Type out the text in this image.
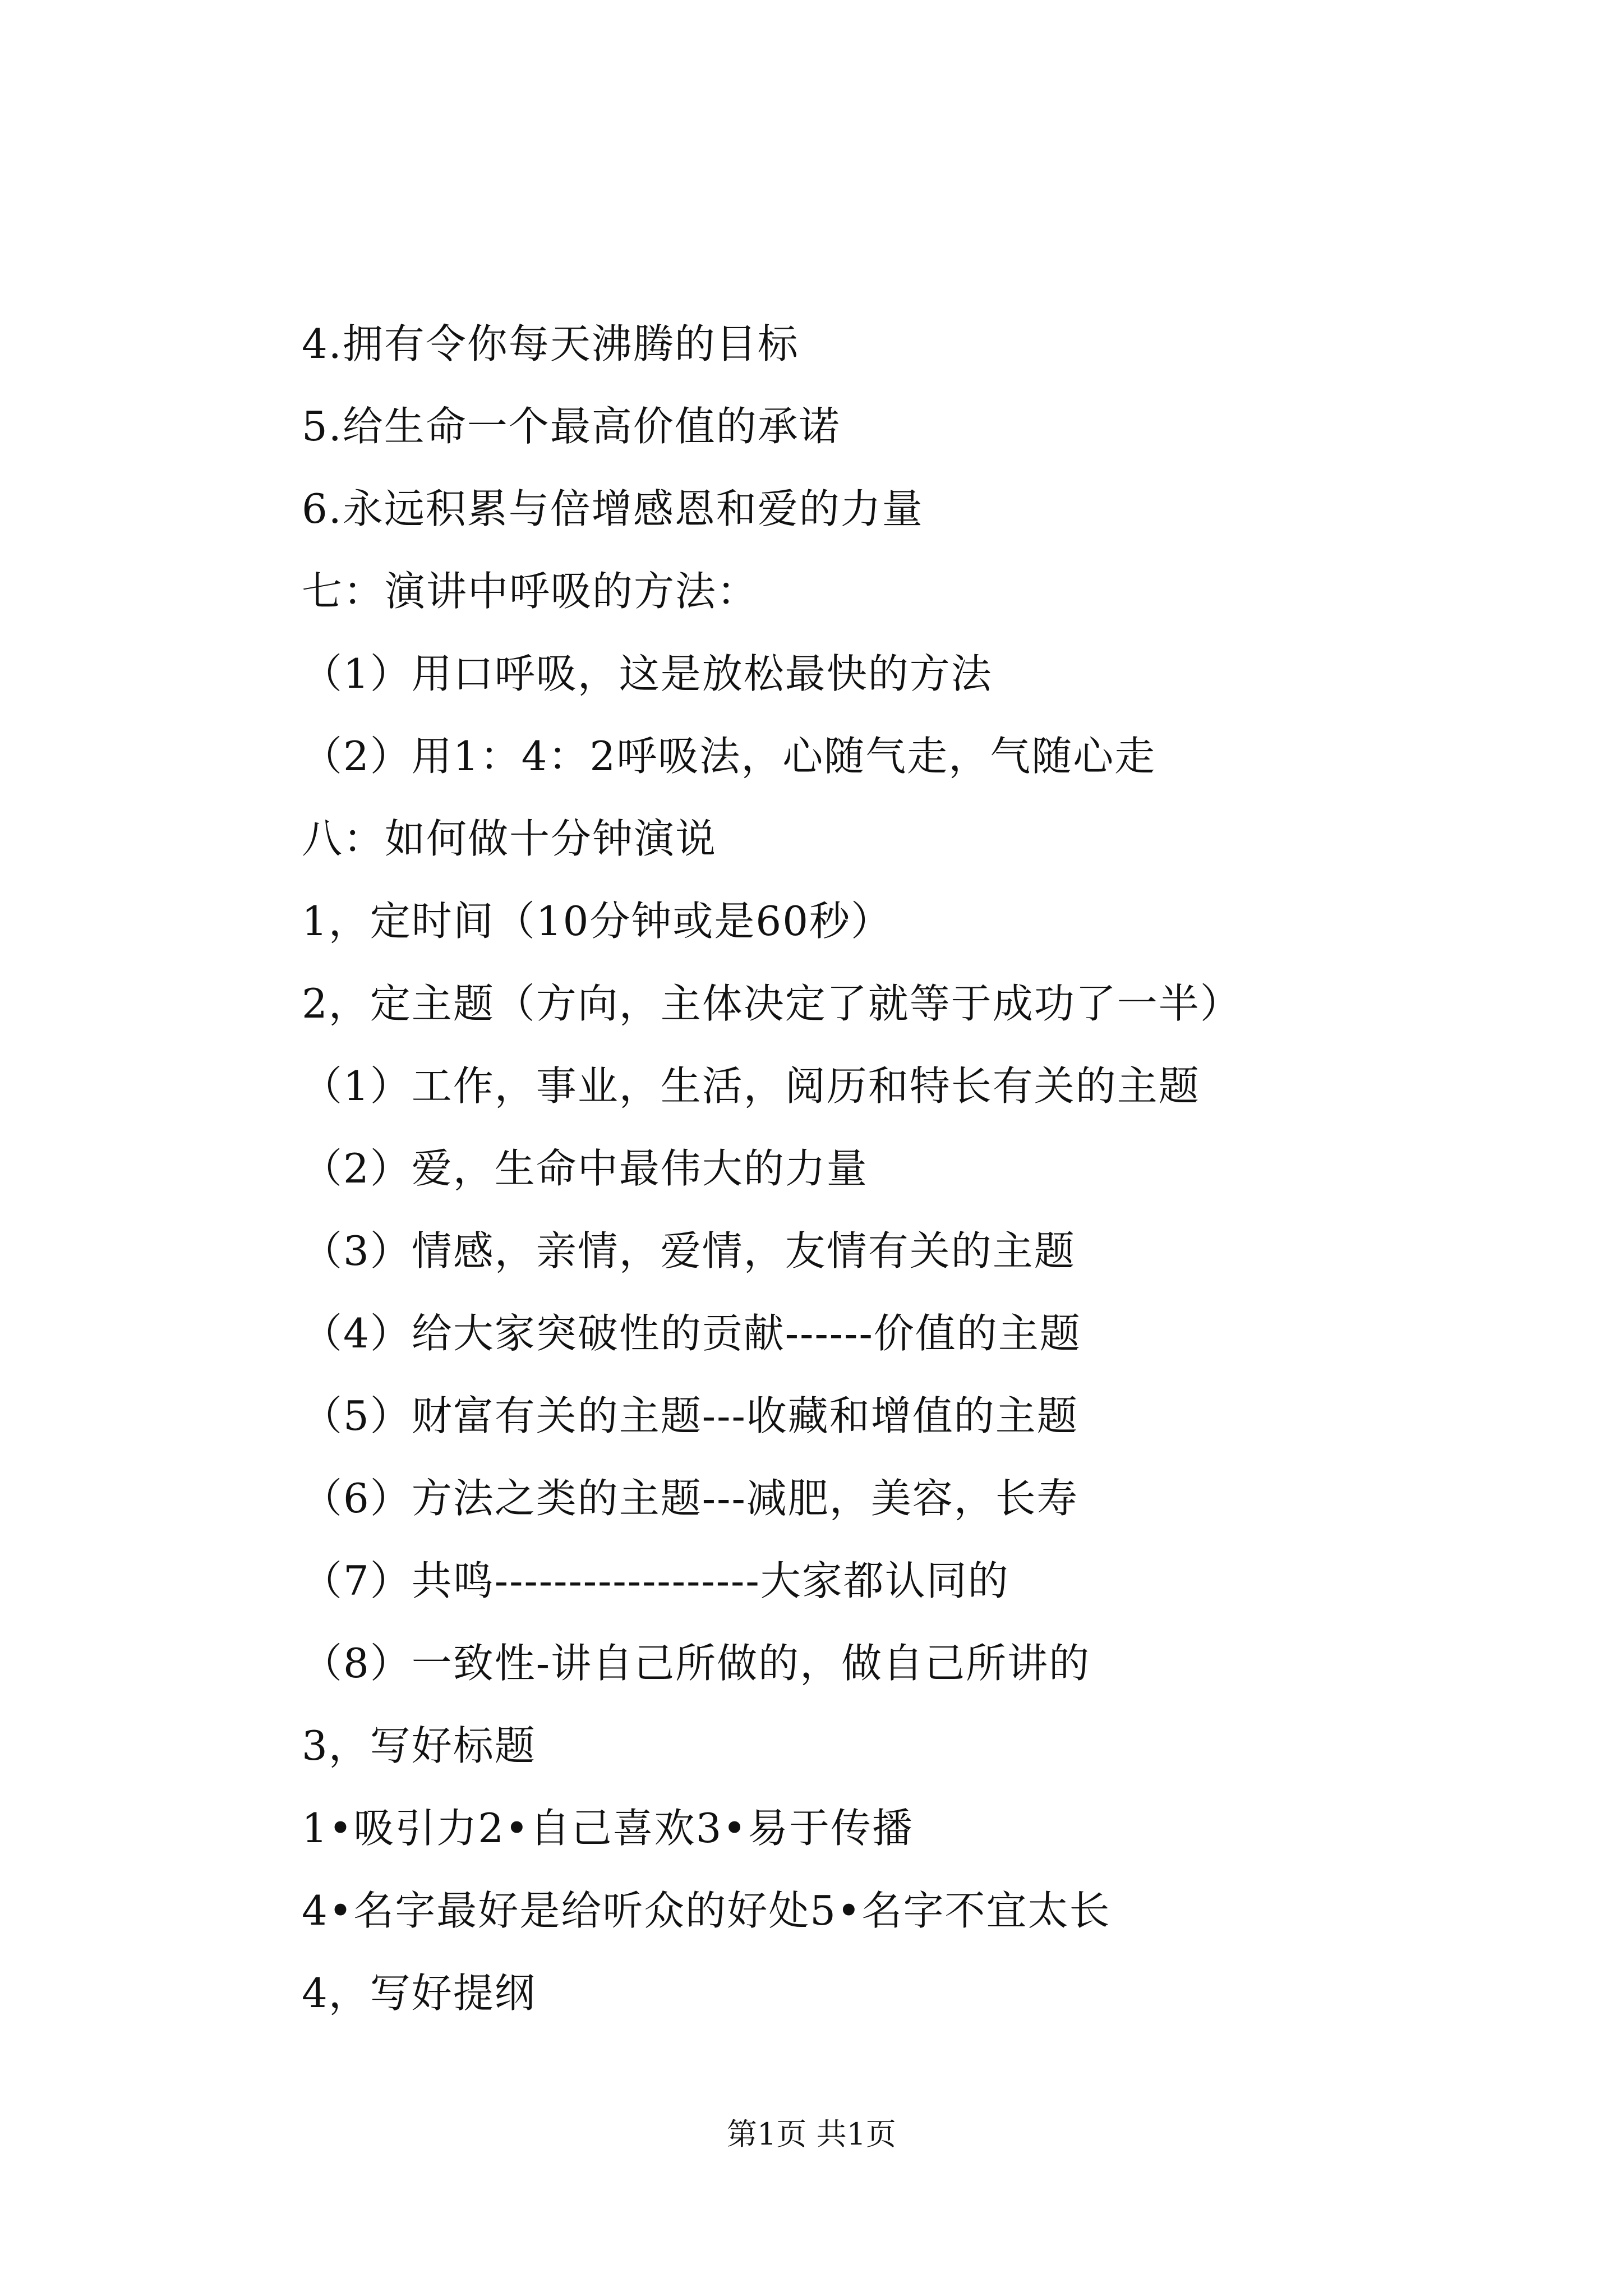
4.拥有令你每天沸腾的目标
5.给生命一个最高价值的承诺
6.永远积累与倍增感恩和爱的力量
七：演讲中呼吸的方法：
（1）用口呼吸，这是放松最快的方法
（2）用1：4：2呼吸法，心随气走，气随心走
八：如何做十分钟演说
1，定时间（10分钟或是60秒）
2，定主题（方向，主体决定了就等于成功了一半）
（1）工作，事业，生活，阅历和特长有关的主题
（2）爱，生命中最伟大的力量
（3）情感，亲情，爱情，友情有关的主题
（4）给大家突破性的贡献------价值的主题
（5）财富有关的主题---收藏和增值的主题
（6）方法之类的主题---减肥，美容，长寿
（7）共鸣------------------大家都认同的
（8）一致性-讲自己所做的，做自己所讲的
3，写好标题
1•吸引力2•自己喜欢3•易于传播
4•名字最好是给听众的好处5•名字不宜太长
4，写好提纲
第1页 共1页
